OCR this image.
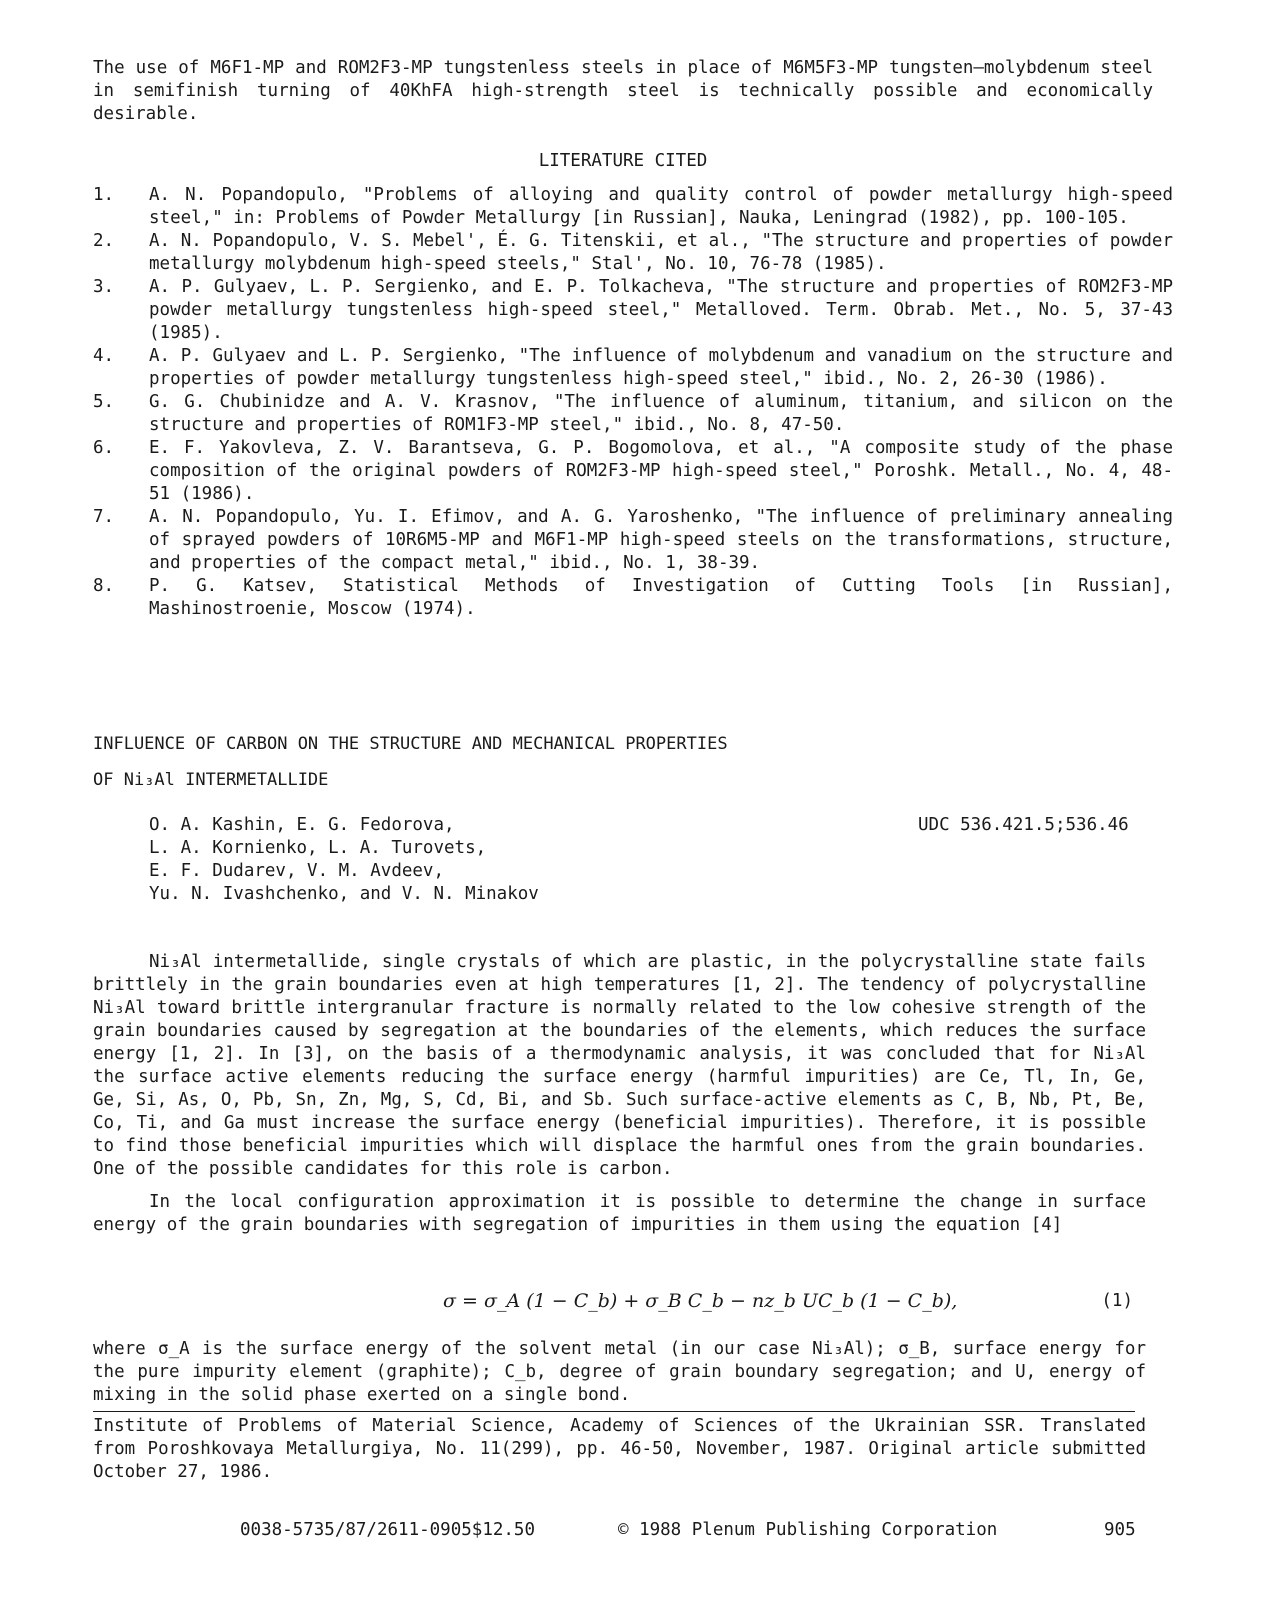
The use of M6F1-MP and ROM2F3-MP tungstenless steels in place of M6M5F3-MP tungsten–molybdenum steel in semifinish turning of 40KhFA high-strength steel is technically possible and economically desirable.

LITERATURE CITED
1.	A. N. Popandopulo, "Problems of alloying and quality control of powder metallurgy high-speed steel," in: Problems of Powder Metallurgy [in Russian], Nauka, Leningrad (1982), pp. 100-105.
2.	A. N. Popandopulo, V. S. Mebel', É. G. Titenskii, et al., "The structure and properties of powder metallurgy molybdenum high-speed steels," Stal', No. 10, 76-78 (1985).
3.	A. P. Gulyaev, L. P. Sergienko, and E. P. Tolkacheva, "The structure and properties of ROM2F3-MP powder metallurgy tungstenless high-speed steel," Metalloved. Term. Obrab. Met., No. 5, 37-43 (1985).
4.	A. P. Gulyaev and L. P. Sergienko, "The influence of molybdenum and vanadium on the structure and properties of powder metallurgy tungstenless high-speed steel," ibid., No. 2, 26-30 (1986).
5.	G. G. Chubinidze and A. V. Krasnov, "The influence of aluminum, titanium, and silicon on the structure and properties of ROM1F3-MP steel," ibid., No. 8, 47-50.
6.	E. F. Yakovleva, Z. V. Barantseva, G. P. Bogomolova, et al., "A composite study of the phase composition of the original powders of ROM2F3-MP high-speed steel," Poroshk. Metall., No. 4, 48-51 (1986).
7.	A. N. Popandopulo, Yu. I. Efimov, and A. G. Yaroshenko, "The influence of preliminary annealing of sprayed powders of 10R6M5-MP and M6F1-MP high-speed steels on the transformations, structure, and properties of the compact metal," ibid., No. 1, 38-39.
8.	P. G. Katsev, Statistical Methods of Investigation of Cutting Tools [in Russian], Mashinostroenie, Moscow (1974).
INFLUENCE OF CARBON ON THE STRUCTURE AND MECHANICAL PROPERTIES
OF Ni₃Al INTERMETALLIDE
O. A. Kashin, E. G. Fedorova,
L. A. Kornienko, L. A. Turovets,
E. F. Dudarev, V. M. Avdeev,
Yu. N. Ivashchenko, and V. N. Minakov
UDC 536.421.5;536.46

Ni₃Al intermetallide, single crystals of which are plastic, in the polycrystalline state fails brittlely in the grain boundaries even at high temperatures [1, 2]. The tendency of polycrystalline Ni₃Al toward brittle intergranular fracture is normally related to the low cohesive strength of the grain boundaries caused by segregation at the boundaries of the elements, which reduces the surface energy [1, 2]. In [3], on the basis of a thermodynamic analysis, it was concluded that for Ni₃Al the surface active elements reducing the surface energy (harmful impurities) are Ce, Tl, In, Ge, Ge, Si, As, O, Pb, Sn, Zn, Mg, S, Cd, Bi, and Sb. Such surface-active elements as C, B, Nb, Pt, Be, Co, Ti, and Ga must increase the surface energy (beneficial impurities). Therefore, it is possible to find those beneficial impurities which will displace the harmful ones from the grain boundaries. One of the possible candidates for this role is carbon.

In the local configuration approximation it is possible to determine the change in surface energy of the grain boundaries with segregation of impurities in them using the equation [4]

σ = σ_A (1 − C_b) + σ_B C_b − nz_b UC_b (1 − C_b),	(1)

where σ_A is the surface energy of the solvent metal (in our case Ni₃Al); σ_B, surface energy for the pure impurity element (graphite); C_b, degree of grain boundary segregation; and U, energy of mixing in the solid phase exerted on a single bond.

Institute of Problems of Material Science, Academy of Sciences of the Ukrainian SSR. Translated from Poroshkovaya Metallurgiya, No. 11(299), pp. 46-50, November, 1987. Original article submitted October 27, 1986.

0038-5735/87/2611-0905$12.50	© 1988 Plenum Publishing Corporation	905
